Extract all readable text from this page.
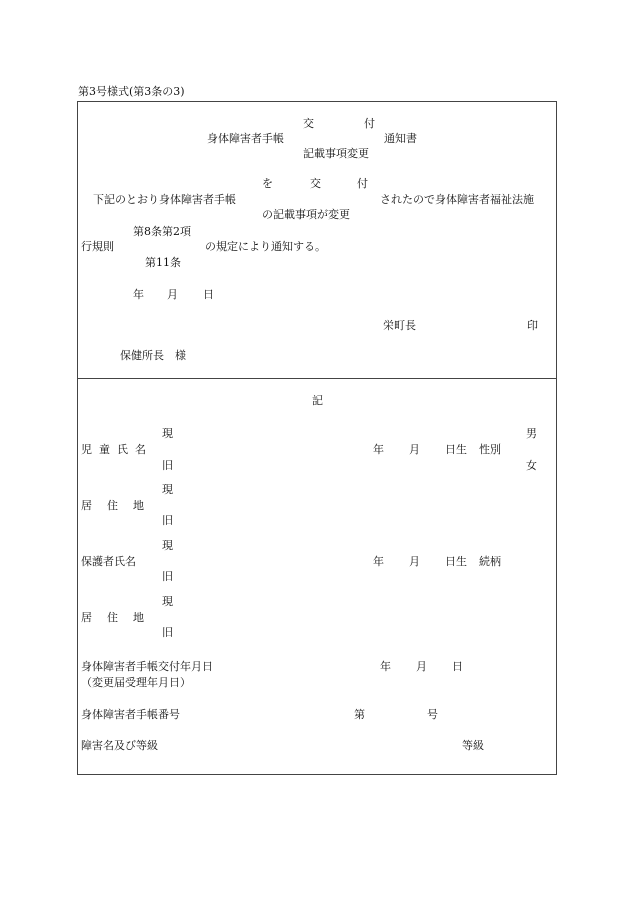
第3号様式(第3条の3)
交	付
身体障害者手帳	通知書
記載事項変更
を	交	付
下記のとおり身体障害者手帳	されたので身体障害者福祉法施
の記載事項が変更
第8条第2項
行規則	の規定により通知する。
第11条
年 月 日
栄町長	印
保健所長　様
記
現	男
児童氏名	年 月 日生 性別
旧	女
現
居住地
旧
現
保護者氏名	年 月 日生 続柄
旧
現
居住地
旧
身体障害者手帳交付年月日	年 月 日
（変更届受理年月日）
身体障害者手帳番号	第	号
障害名及び等級	等級
